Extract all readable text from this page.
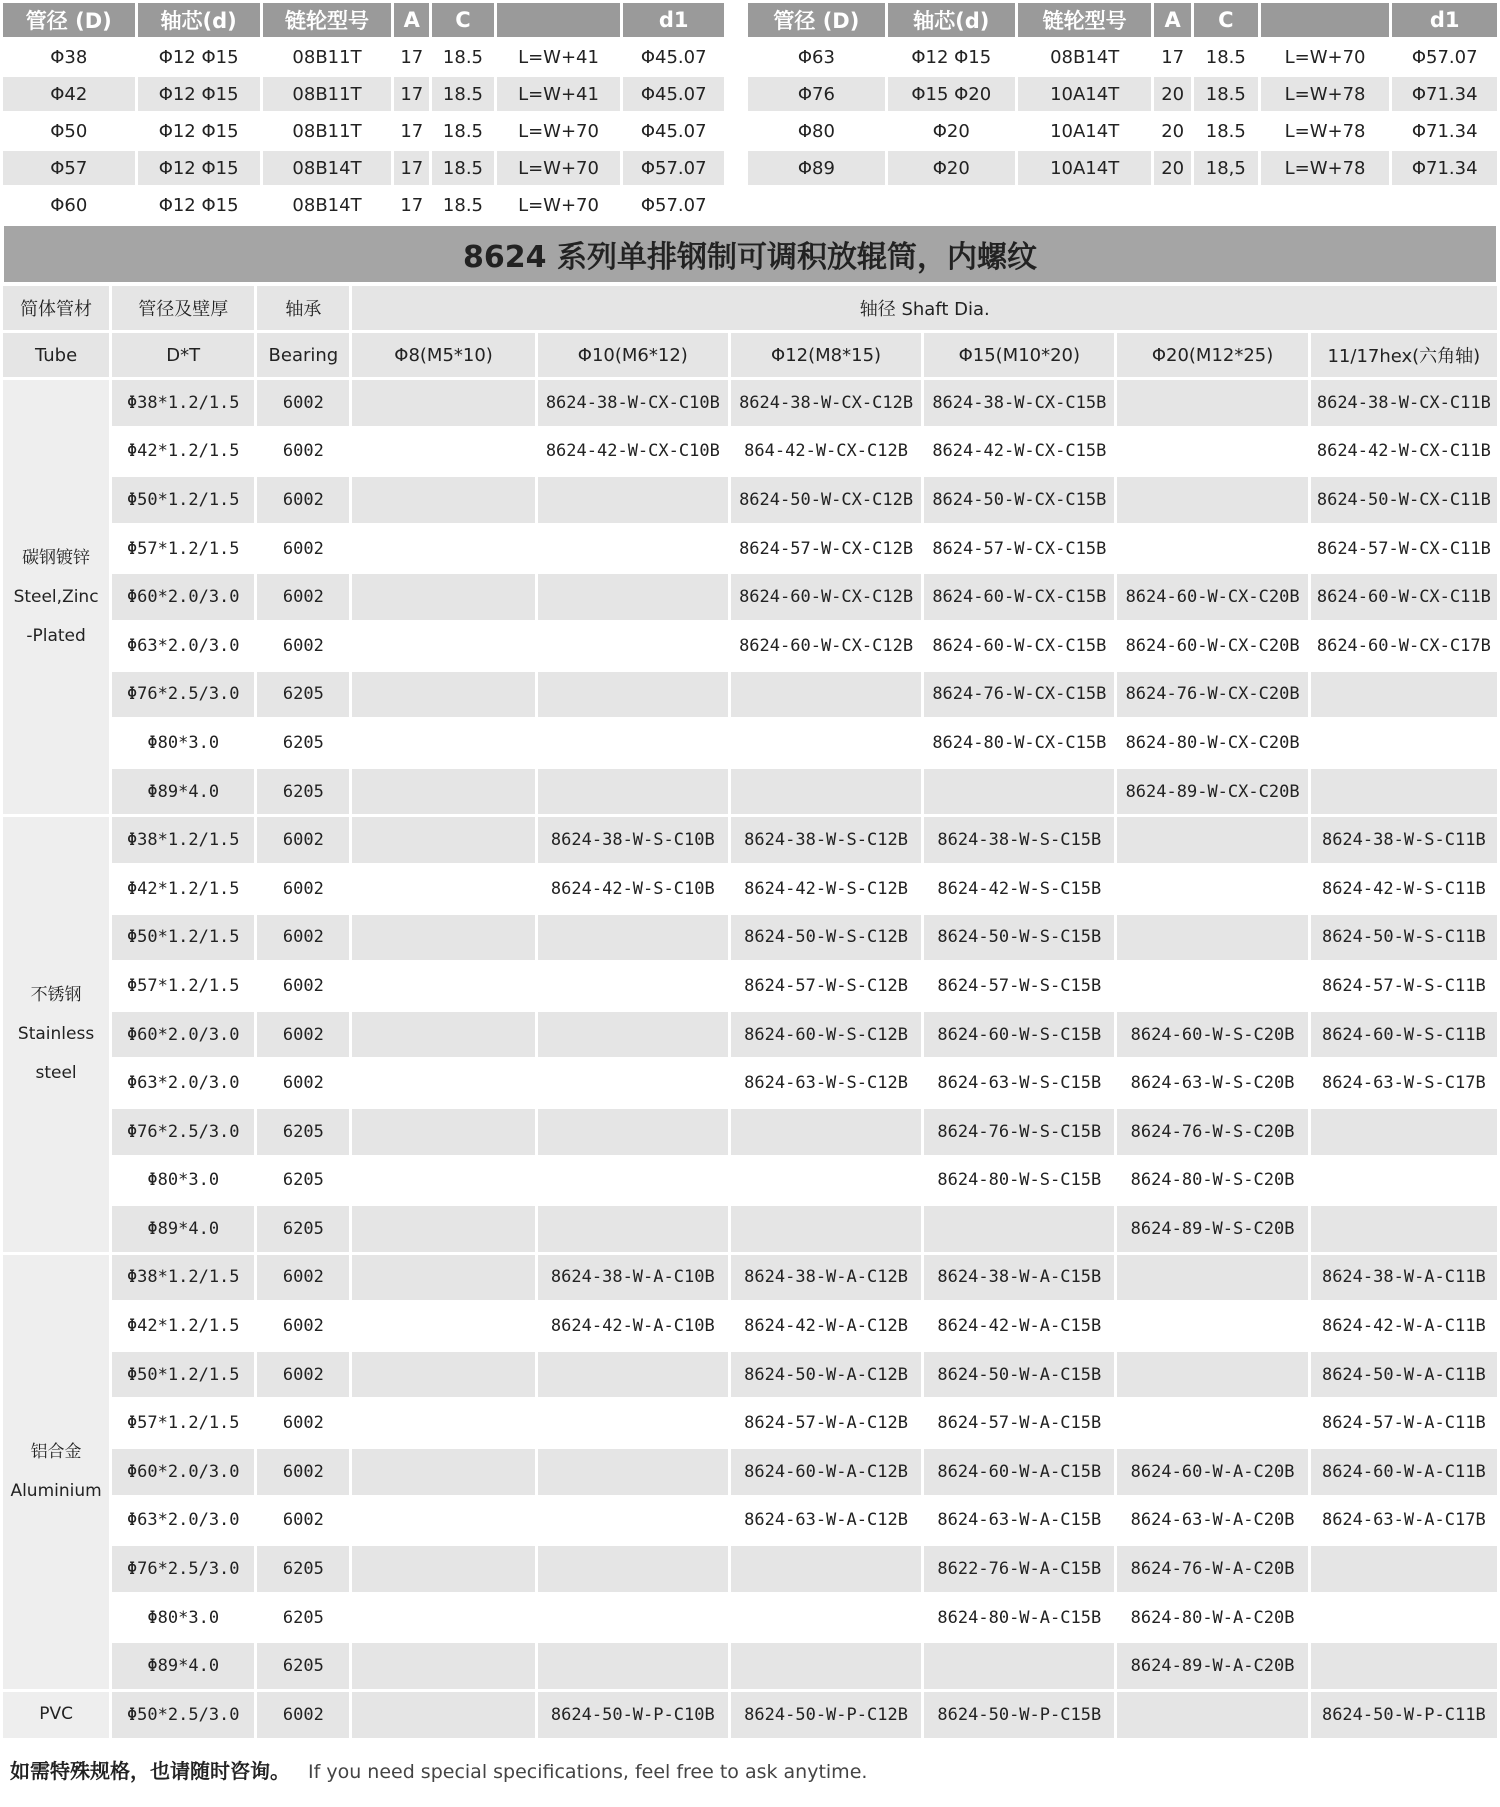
管径 (D)	轴芯(d)	链轮型号	A	C		d1
Φ38	Φ12 Φ15	08B11T	17	18.5	L=W+41	Φ45.07
Φ42	Φ12 Φ15	08B11T	17	18.5	L=W+41	Φ45.07
Φ50	Φ12 Φ15	08B11T	17	18.5	L=W+70	Φ45.07
Φ57	Φ12 Φ15	08B14T	17	18.5	L=W+70	Φ57.07
Φ60	Φ12 Φ15	08B14T	17	18.5	L=W+70	Φ57.07
管径 (D)	轴芯(d)	链轮型号	A	C		d1
Φ63	Φ12 Φ15	08B14T	17	18.5	L=W+70	Φ57.07
Φ76	Φ15 Φ20	10A14T	20	18.5	L=W+78	Φ71.34
Φ80	Φ20	10A14T	20	18.5	L=W+78	Φ71.34
Φ89	Φ20	10A14T	20	18,5	L=W+78	Φ71.34
8624 系列单排钢制可调积放辊筒，内螺纹
简体管材	管径及壁厚	轴承	轴径 Shaft Dia.					
Tube	D*T	Bearing	Φ8(M5*10)	Φ10(M6*12)	Φ12(M8*15)	Φ15(M10*20)	Φ20(M12*25)	11/17hex(六角轴)

碳钢镀锌
Steel,Zinc
-Plated	Φ38*1.2/1.5	6002		8624-38-W-CX-C10B	8624-38-W-CX-C12B	8624-38-W-CX-C15B		8624-38-W-CX-C11B
	Φ42*1.2/1.5	6002		8624-42-W-CX-C10B	864-42-W-CX-C12B	8624-42-W-CX-C15B		8624-42-W-CX-C11B
	Φ50*1.2/1.5	6002			8624-50-W-CX-C12B	8624-50-W-CX-C15B		8624-50-W-CX-C11B
	Φ57*1.2/1.5	6002			8624-57-W-CX-C12B	8624-57-W-CX-C15B		8624-57-W-CX-C11B
	Φ60*2.0/3.0	6002			8624-60-W-CX-C12B	8624-60-W-CX-C15B	8624-60-W-CX-C20B	8624-60-W-CX-C11B
	Φ63*2.0/3.0	6002			8624-60-W-CX-C12B	8624-60-W-CX-C15B	8624-60-W-CX-C20B	8624-60-W-CX-C17B
	Φ76*2.5/3.0	6205				8624-76-W-CX-C15B	8624-76-W-CX-C20B	
	Φ80*3.0	6205				8624-80-W-CX-C15B	8624-80-W-CX-C20B	
	Φ89*4.0	6205					8624-89-W-CX-C20B	

不锈钢
Stainless
steel	Φ38*1.2/1.5	6002		8624-38-W-S-C10B	8624-38-W-S-C12B	8624-38-W-S-C15B		8624-38-W-S-C11B
	Φ42*1.2/1.5	6002		8624-42-W-S-C10B	8624-42-W-S-C12B	8624-42-W-S-C15B		8624-42-W-S-C11B
	Φ50*1.2/1.5	6002			8624-50-W-S-C12B	8624-50-W-S-C15B		8624-50-W-S-C11B
	Φ57*1.2/1.5	6002			8624-57-W-S-C12B	8624-57-W-S-C15B		8624-57-W-S-C11B
	Φ60*2.0/3.0	6002			8624-60-W-S-C12B	8624-60-W-S-C15B	8624-60-W-S-C20B	8624-60-W-S-C11B
	Φ63*2.0/3.0	6002			8624-63-W-S-C12B	8624-63-W-S-C15B	8624-63-W-S-C20B	8624-63-W-S-C17B
	Φ76*2.5/3.0	6205				8624-76-W-S-C15B	8624-76-W-S-C20B	
	Φ80*3.0	6205				8624-80-W-S-C15B	8624-80-W-S-C20B	
	Φ89*4.0	6205					8624-89-W-S-C20B	

铝合金
Aluminium	Φ38*1.2/1.5	6002		8624-38-W-A-C10B	8624-38-W-A-C12B	8624-38-W-A-C15B		8624-38-W-A-C11B
	Φ42*1.2/1.5	6002		8624-42-W-A-C10B	8624-42-W-A-C12B	8624-42-W-A-C15B		8624-42-W-A-C11B
	Φ50*1.2/1.5	6002			8624-50-W-A-C12B	8624-50-W-A-C15B		8624-50-W-A-C11B
	Φ57*1.2/1.5	6002			8624-57-W-A-C12B	8624-57-W-A-C15B		8624-57-W-A-C11B
	Φ60*2.0/3.0	6002			8624-60-W-A-C12B	8624-60-W-A-C15B	8624-60-W-A-C20B	8624-60-W-A-C11B
	Φ63*2.0/3.0	6002			8624-63-W-A-C12B	8624-63-W-A-C15B	8624-63-W-A-C20B	8624-63-W-A-C17B
	Φ76*2.5/3.0	6205				8622-76-W-A-C15B	8624-76-W-A-C20B	
	Φ80*3.0	6205				8624-80-W-A-C15B	8624-80-W-A-C20B	
	Φ89*4.0	6205					8624-89-W-A-C20B	

PVC	Φ50*2.5/3.0	6002		8624-50-W-P-C10B	8624-50-W-P-C12B	8624-50-W-P-C15B		8624-50-W-P-C11B
如需特殊规格，也请随时咨询。 If you need special specifications, feel free to ask anytime.
